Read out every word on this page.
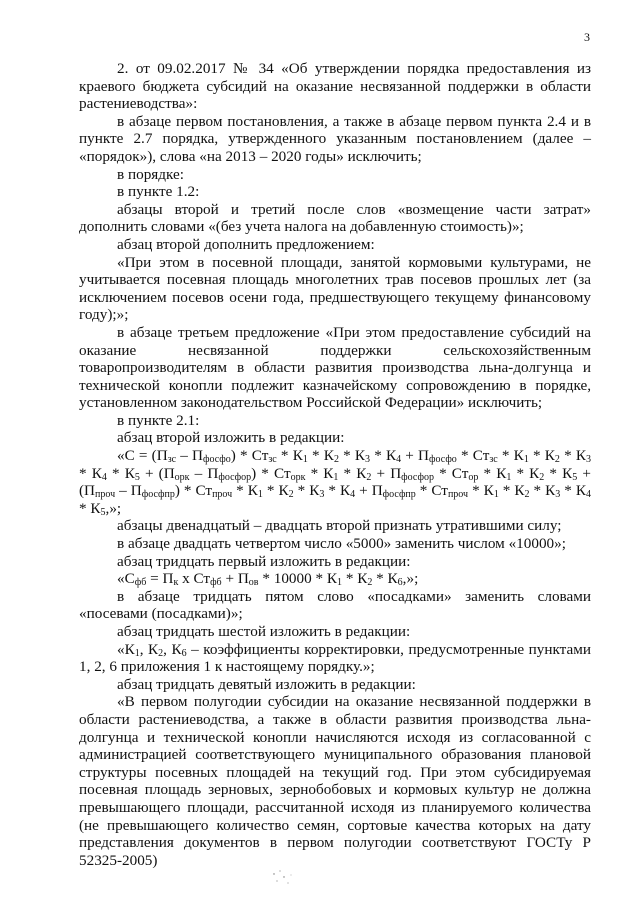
3

2. от 09.02.2017 № 34 «Об утверждении порядка предоставления из краевого бюджета субсидий на оказание несвязанной поддержки в области растениеводства»:

в абзаце первом постановления, а также в абзаце первом пункта 2.4 и в пункте 2.7 порядка, утвержденного указанным постановлением (далее – «порядок»), слова «на 2013 – 2020 годы» исключить;

в порядке:

в пункте 1.2:

абзацы второй и третий после слов «возмещение части затрат» дополнить словами «(без учета налога на добавленную стоимость)»;

абзац второй дополнить предложением:

«При этом в посевной площади, занятой кормовыми культурами, не учитывается посевная площадь многолетних трав посевов прошлых лет (за исключением посевов осени года, предшествующего текущему финансовому году);»;

в абзаце третьем предложение «При этом предоставление субсидий на оказание несвязанной поддержки сельскохозяйственным товаропроизводителям в области развития производства льна-долгунца и технической конопли подлежит казначейскому сопровождению в порядке, установленном законодательством Российской Федерации» исключить;

в пункте 2.1:

абзац второй изложить в редакции:

«С = $(П_{зс} - П_{фосфо}) * Ст_{зс} * К_1 * К_2 * К_3 * К_4 + П_{фосфо} * Ст_{зс} * К_1 * К_2 * К_3 * К_4 * К_5 + (П_{орк} - П_{фосфор}) * Ст_{орк} * К_1 * К_2 + П_{фосфор} * Ст_{ор} * К_1 * К_2 * К_5 + (П_{проч} - П_{фосфпр}) * Ст_{проч} * К_1 * К_2 * К_3 * К_4$ + $П_{фосфпр} * Ст_{проч} * К_1 * К_2 * К_3 * К_4 * К_5$,»;

абзацы двенадцатый – двадцать второй признать утратившими силу;

в абзаце двадцать четвертом число «5000» заменить числом «10000»;

абзац тридцать первый изложить в редакции:

«$С_{фб} = П_к$ х $Ст_{фб} + П_{ов} * 10000 * К_1 * К_2 * К_6$,»;

в абзаце тридцать пятом слово «посадками» заменить словами «посевами (посадками)»;

абзац тридцать шестой изложить в редакции:

«$К_1$, $К_2$, $К_6$ – коэффициенты корректировки, предусмотренные пунктами 1, 2, 6 приложения 1 к настоящему порядку.»;

абзац тридцать девятый изложить в редакции:

«В первом полугодии субсидии на оказание несвязанной поддержки в области растениеводства, а также в области развития производства льна-долгунца и технической конопли начисляются исходя из согласованной с администрацией соответствующего муниципального образования плановой структуры посевных площадей на текущий год. При этом субсидируемая посевная площадь зерновых, зернобобовых и кормовых культур не должна превышающего площади, рассчитанной исходя из планируемого количества (не превышающего количество семян, сортовые качества которых на дату представления документов в первом полугодии соответствуют ГОСТу Р 52325-2005)
